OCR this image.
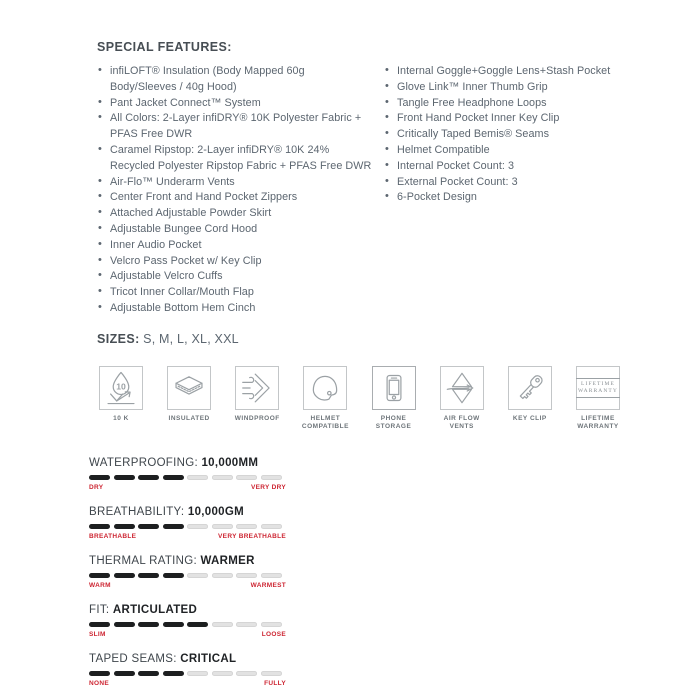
SPECIAL FEATURES:
• infiLOFT® Insulation (Body Mapped 60g Body/Sleeves / 40g Hood)
• Pant Jacket Connect™ System
• All Colors: 2-Layer infiDRY® 10K Polyester Fabric + PFAS Free DWR
• Caramel Ripstop: 2-Layer infiDRY® 10K 24% Recycled Polyester Ripstop Fabric + PFAS Free DWR
• Air-Flo™ Underarm Vents
• Center Front and Hand Pocket Zippers
• Attached Adjustable Powder Skirt
• Adjustable Bungee Cord Hood
• Inner Audio Pocket
• Velcro Pass Pocket w/ Key Clip
• Adjustable Velcro Cuffs
• Tricot Inner Collar/Mouth Flap
• Adjustable Bottom Hem Cinch
• Internal Goggle+Goggle Lens+Stash Pocket
• Glove Link™ Inner Thumb Grip
• Tangle Free Headphone Loops
• Front Hand Pocket Inner Key Clip
• Critically Taped Bemis® Seams
• Helmet Compatible
• Internal Pocket Count: 3
• External Pocket Count: 3
• 6-Pocket Design
SIZES: S, M, L, XL, XXL
10
10 K	INSULATED	WINDPROOF	HELMET COMPATIBLE
PHONE STORAGE
AIR FLOW VENTS
KEY CLIP
LIFETIME
WARRANTY
LIFETIME WARRANTY
WATERPROOFING: 10,000MM
DRY	VERY DRY
BREATHABILITY: 10,000GM
BREATHABLE	VERY BREATHABLE
THERMAL RATING: WARMER
WARM	WARMEST
FIT: ARTICULATED
SLIM	LOOSE
TAPED SEAMS: CRITICAL
NONE	FULLY
